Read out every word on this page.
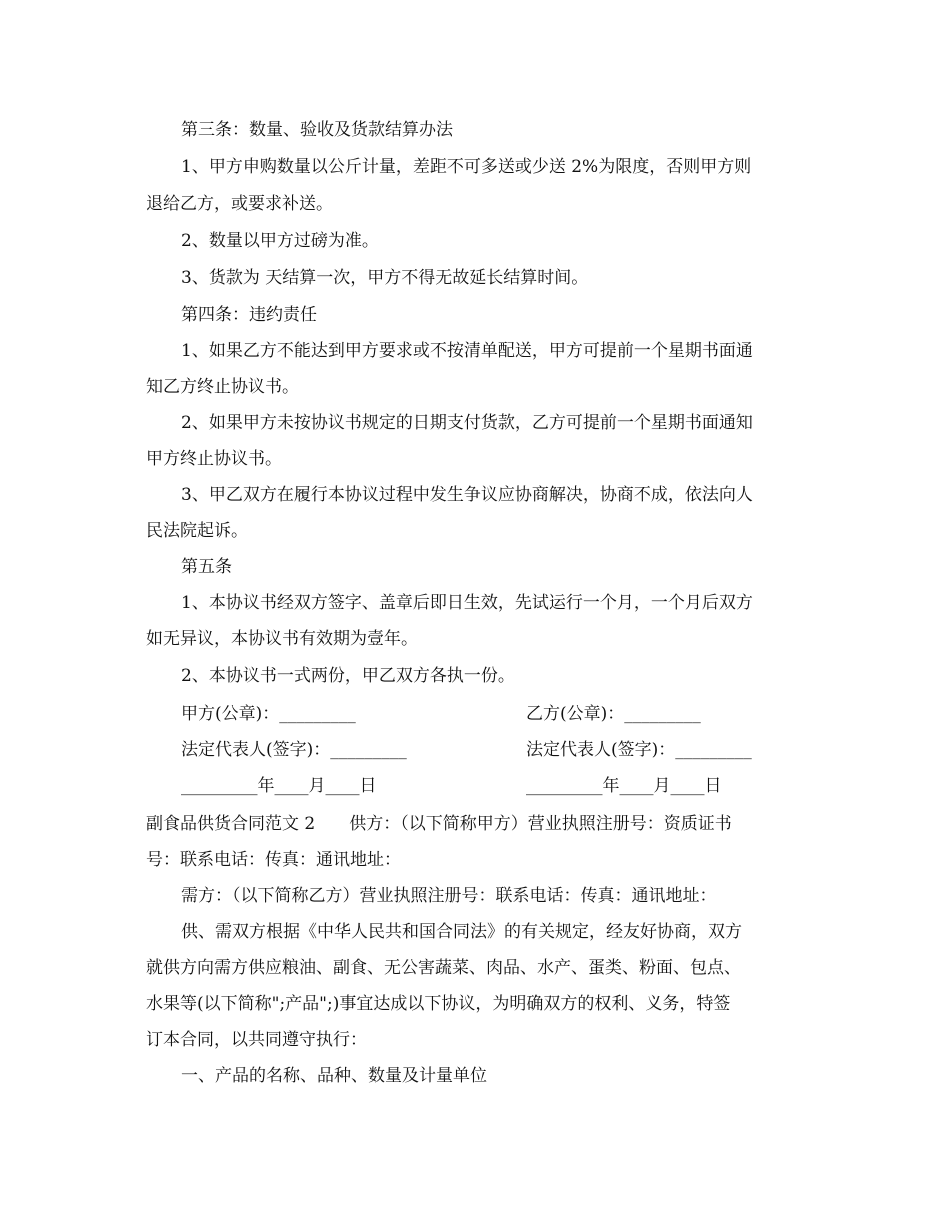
第三条：数量、验收及货款结算办法
1、甲方申购数量以公斤计量，差距不可多送或少送 2%为限度，否则甲方则
退给乙方，或要求补送。
2、数量以甲方过磅为准。
3、货款为 天结算一次，甲方不得无故延长结算时间。
第四条：违约责任
1、如果乙方不能达到甲方要求或不按清单配送，甲方可提前一个星期书面通
知乙方终止协议书。
2、如果甲方未按协议书规定的日期支付货款，乙方可提前一个星期书面通知
甲方终止协议书。
3、甲乙双方在履行本协议过程中发生争议应协商解决，协商不成，依法向人
民法院起诉。
第五条
1、本协议书经双方签字、盖章后即日生效，先试运行一个月，一个月后双方
如无异议，本协议书有效期为壹年。
2、本协议书一式两份，甲乙双方各执一份。
甲方(公章)：_________	乙方(公章)：_________
法定代表人(签字)：_________	法定代表人(签字)：_________
_________年____月____日	_________年____月____日
副食品供货合同范文 2　　供方：（以下简称甲方）营业执照注册号：资质证书
号：联系电话：传真：通讯地址：
需方：（以下简称乙方）营业执照注册号：联系电话：传真：通讯地址：
供、需双方根据《中华人民共和国合同法》的有关规定，经友好协商，双方
就供方向需方供应粮油、副食、无公害蔬菜、肉品、水产、蛋类、粉面、包点、
水果等(以下简称";产品";)事宜达成以下协议，为明确双方的权利、义务，特签
订本合同，以共同遵守执行：
一、产品的名称、品种、数量及计量单位
